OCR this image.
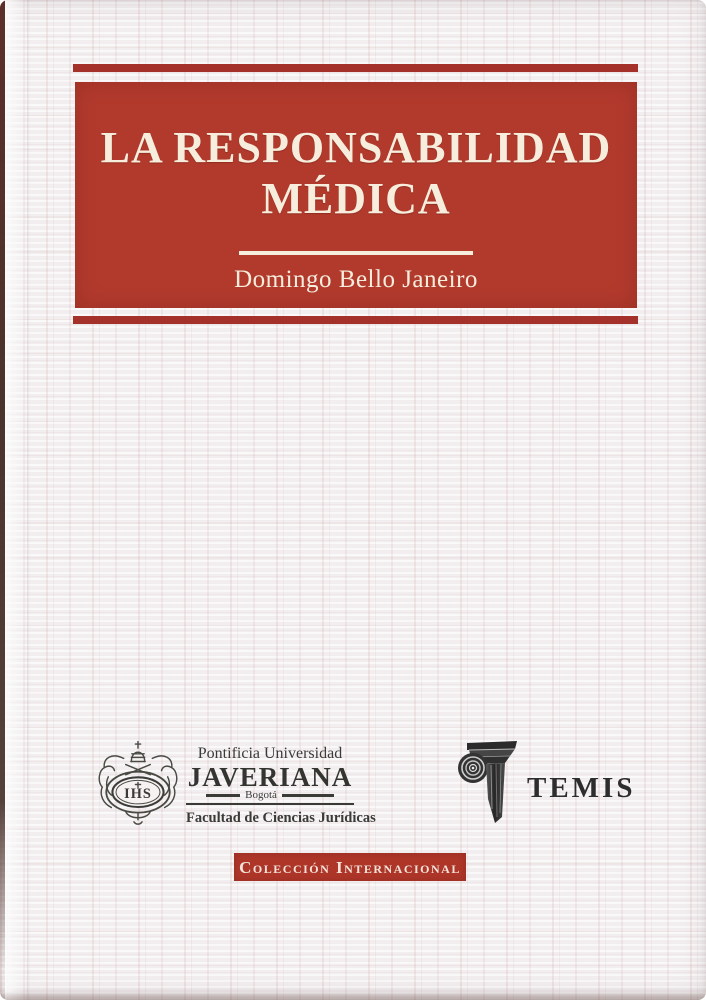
LA RESPONSABILIDAD
MÉDICA
Domingo Bello Janeiro
IHS
Pontificia Universidad
JAVERIANA
Bogotá
Facultad de Ciencias Jurídicas
TEMIS
Colección Internacional
